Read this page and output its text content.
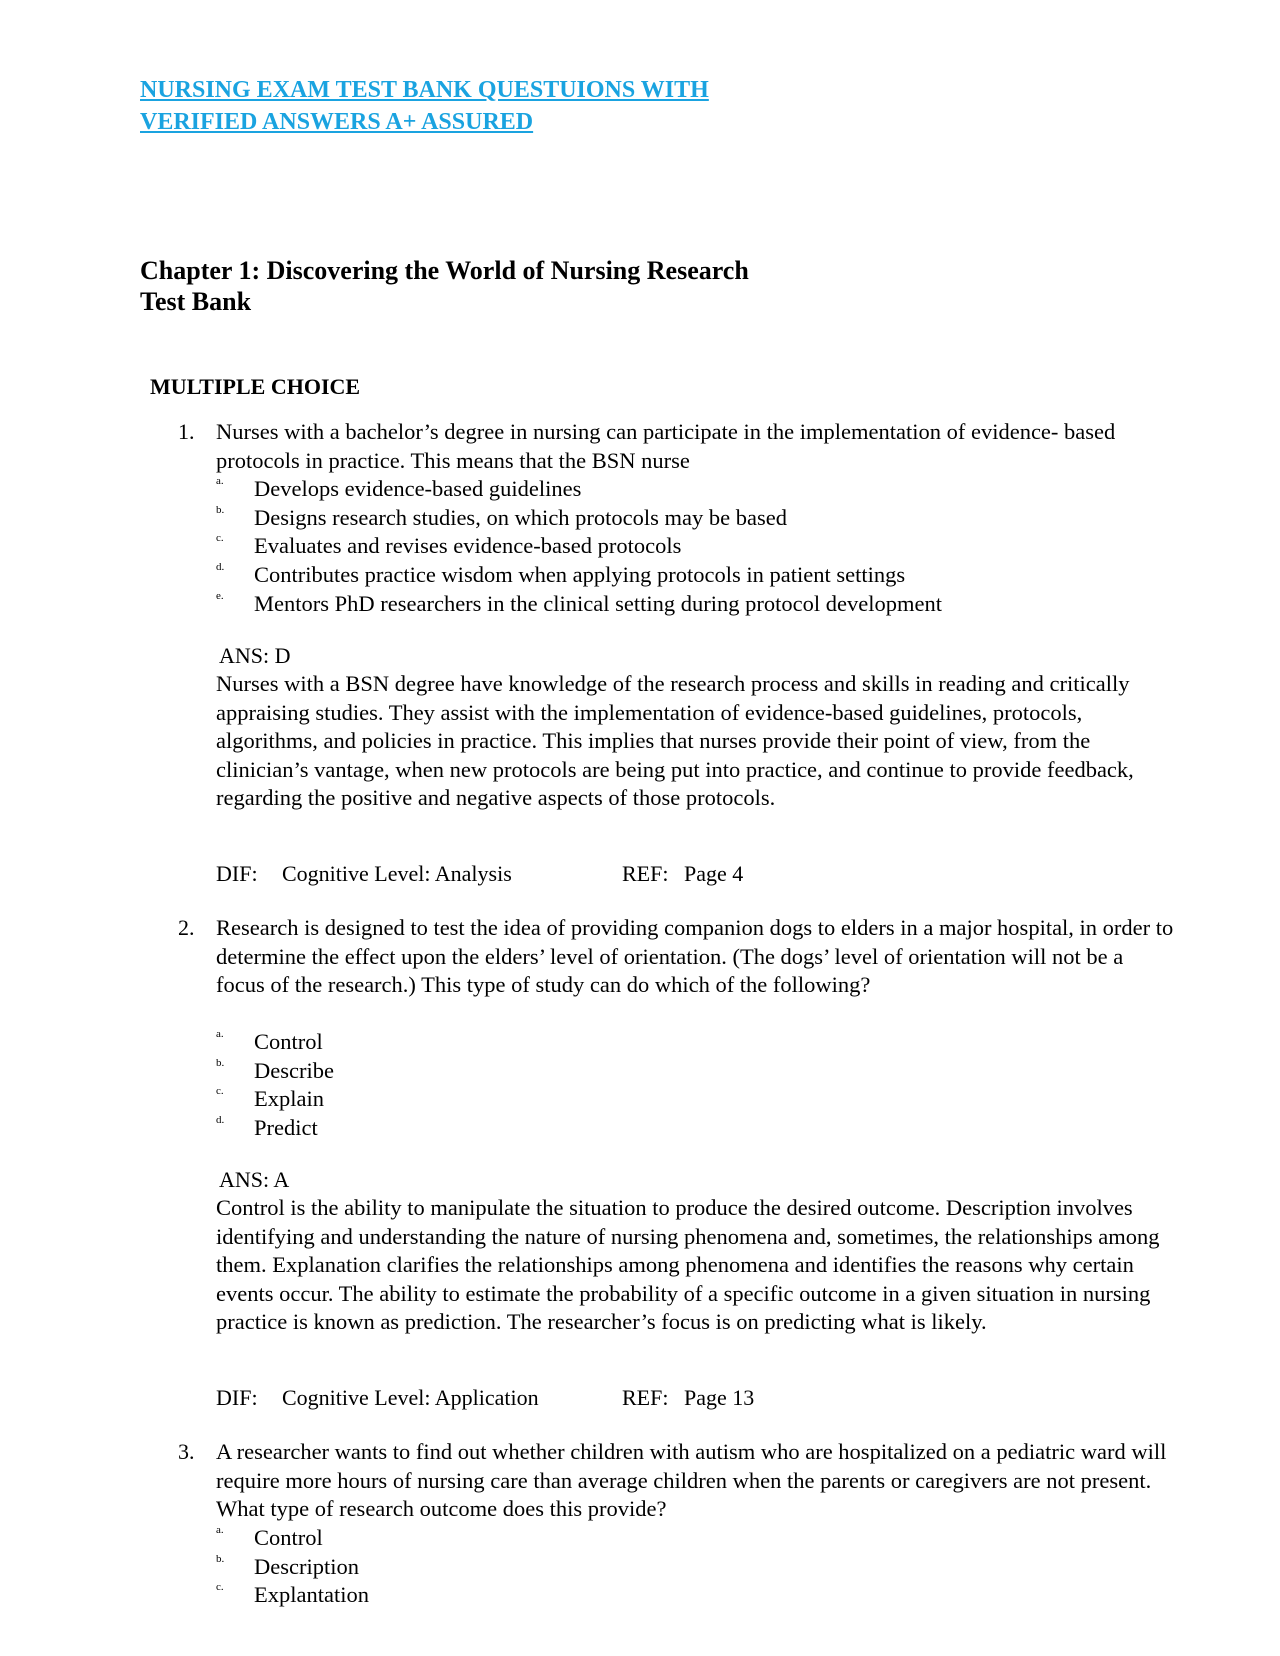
NURSING EXAM TEST BANK QUESTUIONS WITH
VERIFIED ANSWERS A+ ASSURED
Chapter 1: Discovering the World of Nursing Research
Test Bank
MULTIPLE CHOICE
1. Nurses with a bachelor’s degree in nursing can participate in the implementation of evidence- based protocols in practice. This means that the BSN nurse

a. Develops evidence-based guidelines
b. Designs research studies, on which protocols may be based
c. Evaluates and revises evidence-based protocols
d. Contributes practice wisdom when applying protocols in patient settings
e. Mentors PhD researchers in the clinical setting during protocol development
ANS: D

Nurses with a BSN degree have knowledge of the research process and skills in reading and critically appraising studies. They assist with the implementation of evidence-based guidelines, protocols, algorithms, and policies in practice. This implies that nurses provide their point of view, from the clinician’s vantage, when new protocols are being put into practice, and continue to provide feedback, regarding the positive and negative aspects of those protocols.

DIF: Cognitive Level: Analysis	REF: Page 4
2. Research is designed to test the idea of providing companion dogs to elders in a major hospital, in order to determine the effect upon the elders’ level of orientation. (The dogs’ level of orientation will not be a focus of the research.) This type of study can do which of the following?

a. Control
b. Describe
c. Explain
d. Predict
ANS: A

Control is the ability to manipulate the situation to produce the desired outcome. Description involves identifying and understanding the nature of nursing phenomena and, sometimes, the relationships among them. Explanation clarifies the relationships among phenomena and identifies the reasons why certain events occur. The ability to estimate the probability of a specific outcome in a given situation in nursing practice is known as prediction. The researcher’s focus is on predicting what is likely.

DIF: Cognitive Level: Application	REF: Page 13
3. A researcher wants to find out whether children with autism who are hospitalized on a pediatric ward will require more hours of nursing care than average children when the parents or caregivers are not present. What type of research outcome does this provide?

a. Control
b. Description
c. Explantation
